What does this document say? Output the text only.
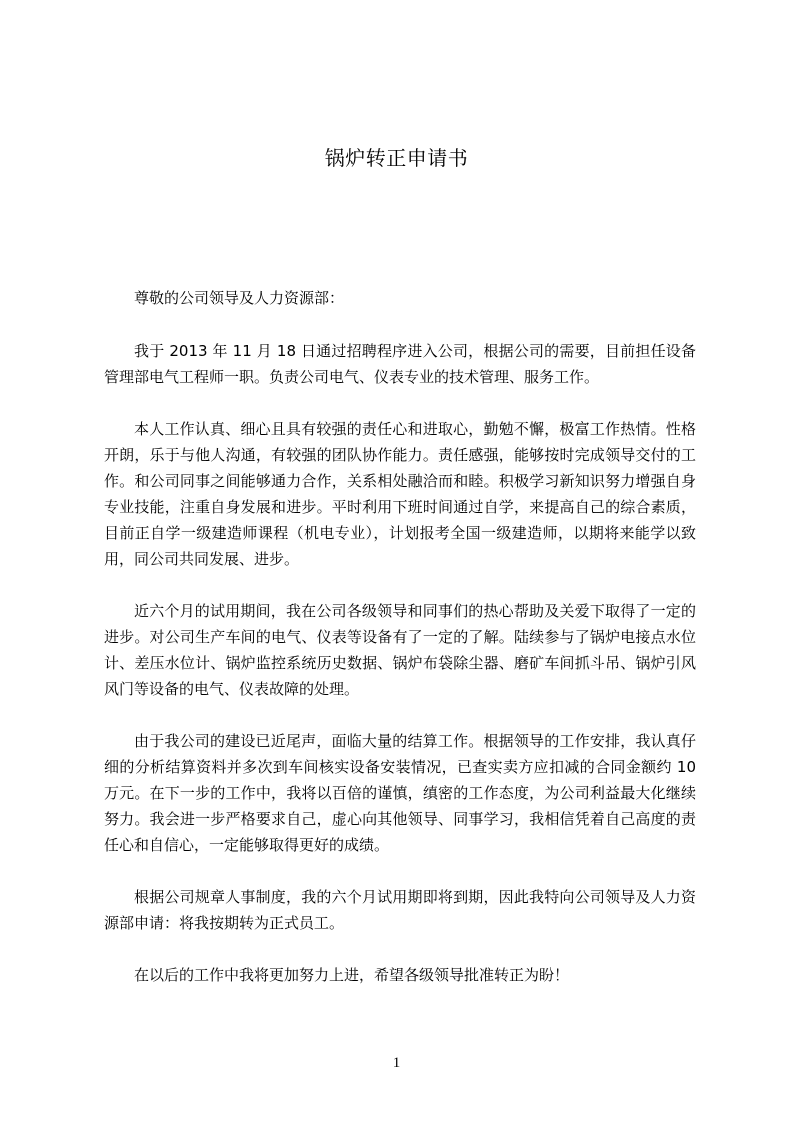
锅炉转正申请书

尊敬的公司领导及人力资源部：

我于 2013 年 11 月 18 日通过招聘程序进入公司，根据公司的需要，目前担任设备管理部电气工程师一职。负责公司电气、仪表专业的技术管理、服务工作。

本人工作认真、细心且具有较强的责任心和进取心，勤勉不懈，极富工作热情。性格开朗，乐于与他人沟通，有较强的团队协作能力。责任感强，能够按时完成领导交付的工作。和公司同事之间能够通力合作，关系相处融洽而和睦。积极学习新知识努力增强自身专业技能，注重自身发展和进步。平时利用下班时间通过自学，来提高自己的综合素质，目前正自学一级建造师课程（机电专业），计划报考全国一级建造师，以期将来能学以致用，同公司共同发展、进步。

近六个月的试用期间，我在公司各级领导和同事们的热心帮助及关爱下取得了一定的进步。对公司生产车间的电气、仪表等设备有了一定的了解。陆续参与了锅炉电接点水位计、差压水位计、锅炉监控系统历史数据、锅炉布袋除尘器、磨矿车间抓斗吊、锅炉引风风门等设备的电气、仪表故障的处理。

由于我公司的建设已近尾声，面临大量的结算工作。根据领导的工作安排，我认真仔细的分析结算资料并多次到车间核实设备安装情况，已查实卖方应扣减的合同金额约 10 万元。在下一步的工作中，我将以百倍的谨慎，缜密的工作态度，为公司利益最大化继续努力。我会进一步严格要求自己，虚心向其他领导、同事学习，我相信凭着自己高度的责任心和自信心，一定能够取得更好的成绩。

根据公司规章人事制度，我的六个月试用期即将到期，因此我特向公司领导及人力资源部申请：将我按期转为正式员工。

在以后的工作中我将更加努力上进，希望各级领导批准转正为盼！

1
